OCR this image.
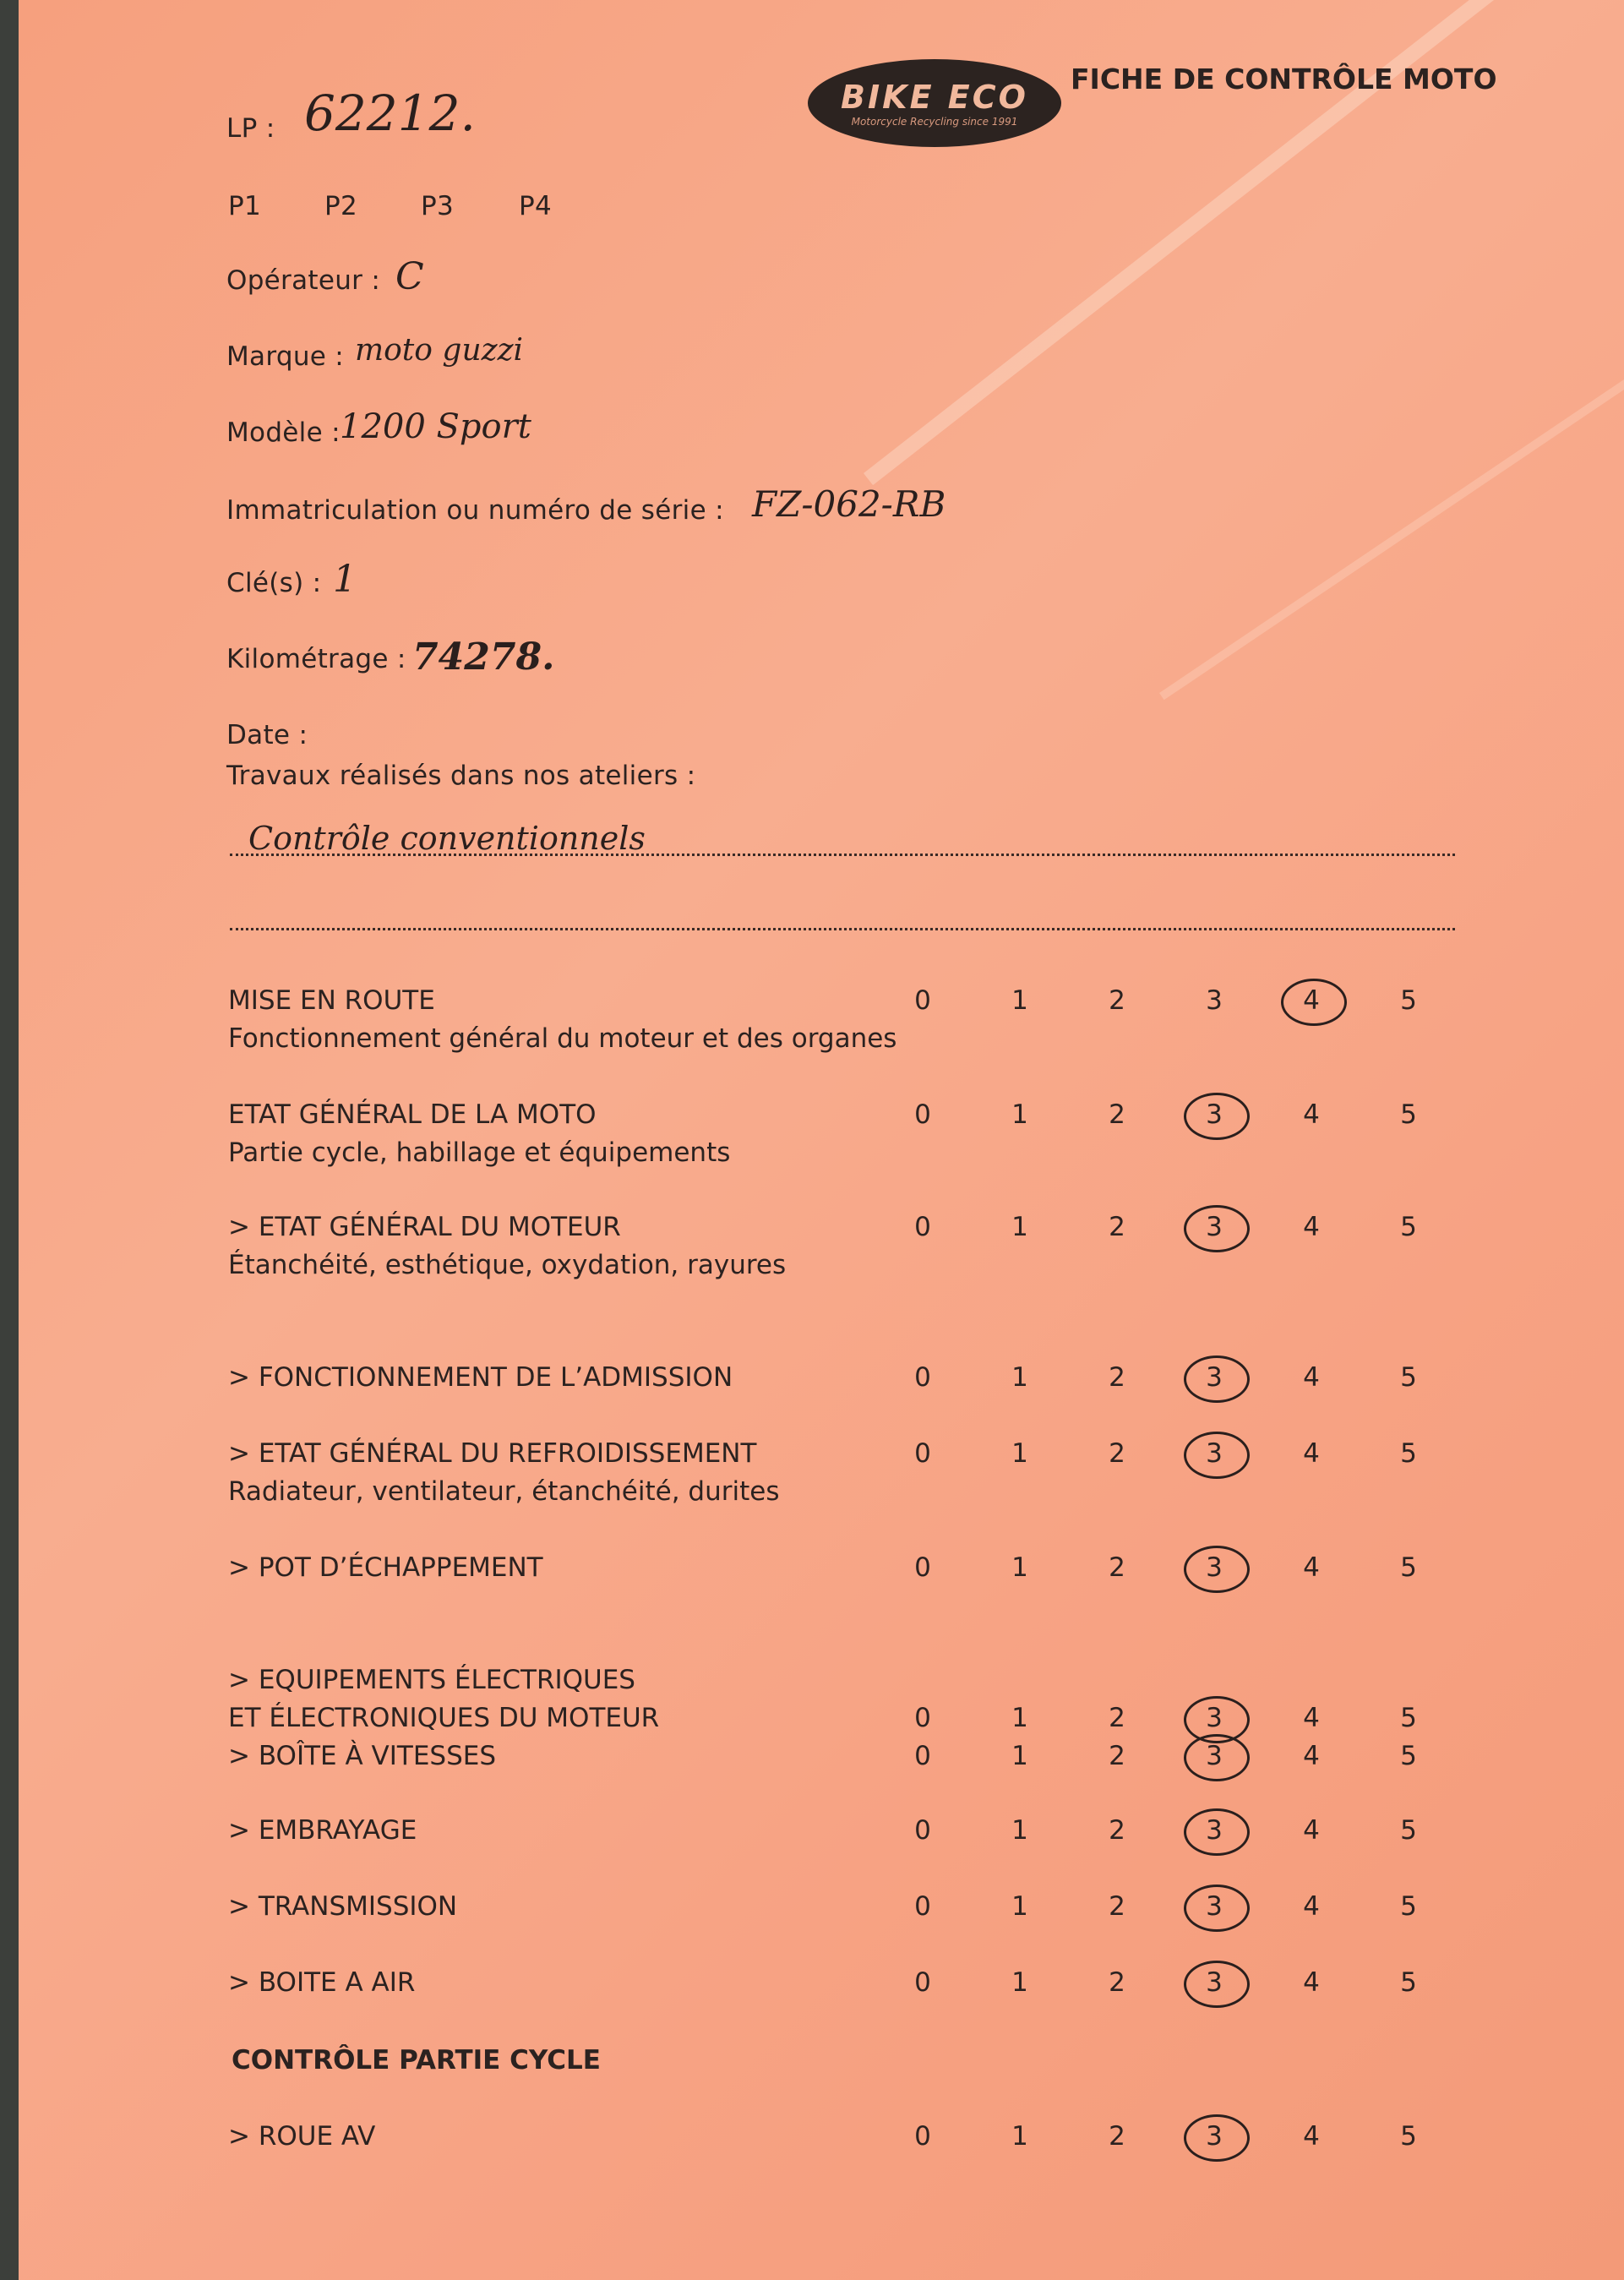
BIKE ECO
Motorcycle Recycling since 1991
FICHE DE CONTRÔLE MOTO
LP : 62212.
P1 P2 P3 P4
Opérateur : C
Marque : moto guzzi
Modèle : 1200 Sport
Immatriculation ou numéro de série : FZ-062-RB
Clé(s) : 1
Kilométrage : 74278.
Date :
Travaux réalisés dans nos ateliers :
Contrôle conventionnels
MISE EN ROUTE
Fonctionnement général du moteur et des organes
0	1	2	3	4	5
ETAT GÉNÉRAL DE LA MOTO
Partie cycle, habillage et équipements
0	1	2	3	4	5
> ETAT GÉNÉRAL DU MOTEUR
Étanchéité, esthétique, oxydation, rayures
0	1	2	3	4	5
> FONCTIONNEMENT DE L’ADMISSION	0	1	2	3	4	5
> ETAT GÉNÉRAL DU REFROIDISSEMENT
Radiateur, ventilateur, étanchéité, durites
0	1	2	3	4	5
> POT D’ÉCHAPPEMENT	0	1	2	3	4	5
> EQUIPEMENTS ÉLECTRIQUES
ET ÉLECTRONIQUES DU MOTEUR	0	1	2	3	4	5
> BOÎTE À VITESSES	0	1	2	3	4	5
> EMBRAYAGE	0	1	2	3	4	5
> TRANSMISSION	0	1	2	3	4	5
> BOITE A AIR	0	1	2	3	4	5
> ROUE AV	0	1	2	3	4	5
CONTRÔLE PARTIE CYCLE
